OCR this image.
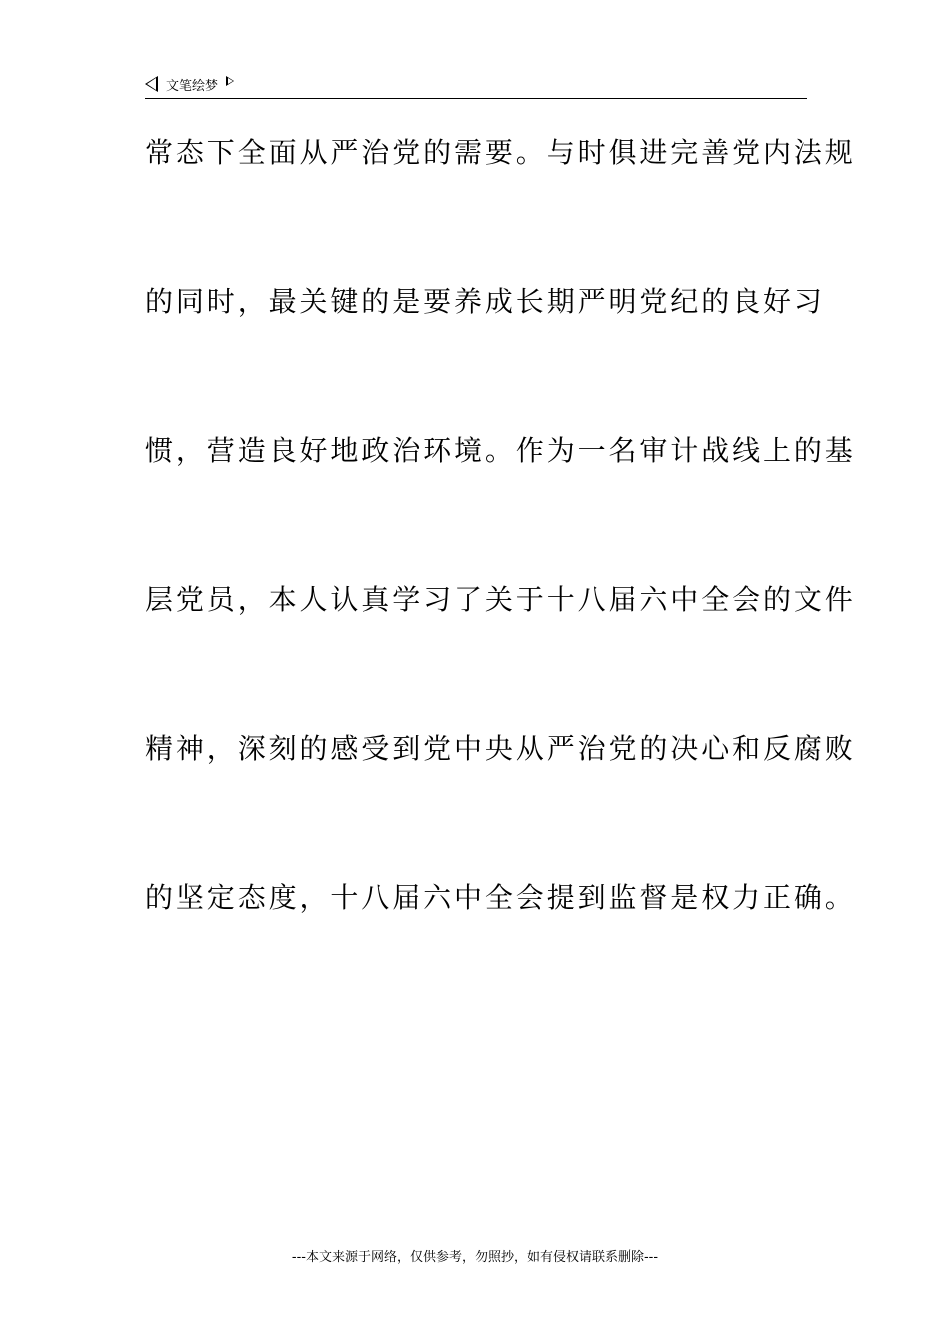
文笔绘梦
常态下全面从严治党的需要。与时俱进完善党内法规
的同时，最关键的是要养成长期严明党纪的良好习
惯，营造良好地政治环境。作为一名审计战线上的基
层党员，本人认真学习了关于十八届六中全会的文件
精神，深刻的感受到党中央从严治党的决心和反腐败
的坚定态度，十八届六中全会提到监督是权力正确。
---本文来源于网络，仅供参考，勿照抄，如有侵权请联系删除---
